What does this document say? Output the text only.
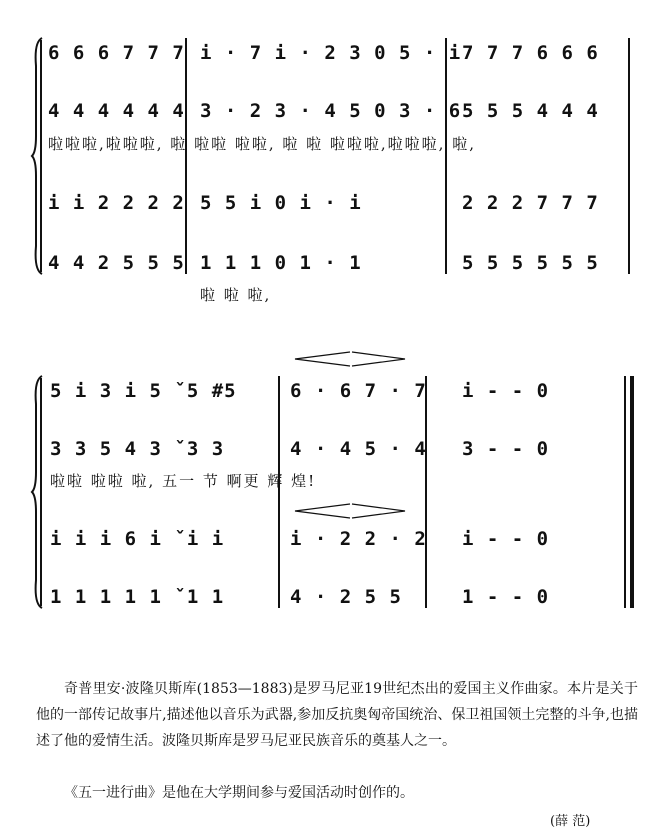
6 6 6 7 7 7 i · 7 i · 2 3 0 5 · i 7 7 7 6 6 6
4 4 4 4 4 4 3 · 2 3 · 4 5 0 3 · 6 5 5 5 4 4 4
啦啦啦,啦啦啦, 啦 啦啦 啦啦, 啦 啦 啦啦啦,啦啦啦, 啦,
i i 2 2 2 2 5 5 i 0 i · i	2 2 2 7 7 7
4 4 2 5 5 5 1 1 1 0 1 · 1	5 5 5 5 5 5
啦 啦 啦,
5 i 3 i 5 ˇ5 #5	6 · 6 7 · 7 i - - 0
3 3 5 4 3 ˇ3 3	4 · 4 5 · 4 3 - - 0
啦啦 啦啦 啦, 五一 节 啊更 辉 煌!
i i i 6 i ˇi i	i · 2 2 · 2 i - - 0
1 1 1 1 1 ˇ1 1	4 · 2 5 5	1 - - 0
奇普里安·波隆贝斯库(1853—1883)是罗马尼亚19世纪杰出的爱国主义作曲家。本片是关于他的一部传记故事片,描述他以音乐为武器,参加反抗奥匈帝国统治、保卫祖国领土完整的斗争,也描述了他的爱情生活。波隆贝斯库是罗马尼亚民族音乐的奠基人之一。
《五一进行曲》是他在大学期间参与爱国活动时创作的。
(薛 范)
